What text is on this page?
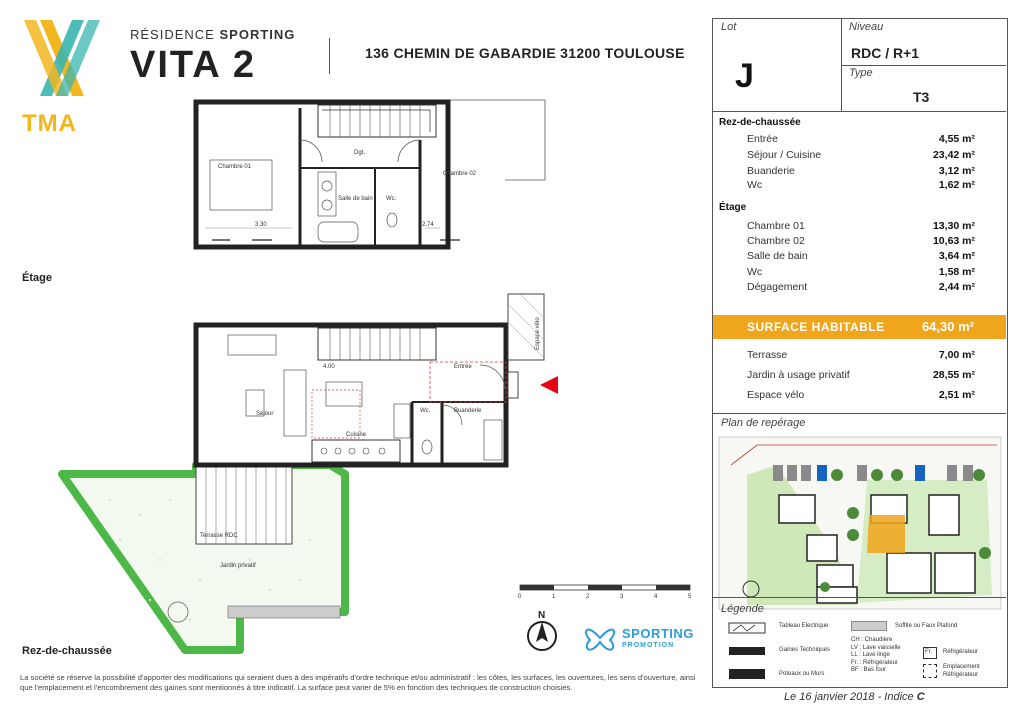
TMA
RÉSIDENCE SPORTING
VITA 2	136 CHEMIN DE GABARDIE 31200 TOULOUSE
Chambre 01
Chambre 02
Dgt.
Salle de bain Wc.
3.30	2.74
Séjour
Cuisine
Entrée
Buanderie
Wc.
Terrasse RDC
Jardin privatif
4.00
Espace vélo
0	1	2	3	4	5
N
Étage
Rez-de-chaussée
SPORTING
PROMOTION
La société se réserve la possibilité d'apporter des modifications qui seraient dues à des impératifs d'ordre technique et/ou administratif : les côtes, les surfaces, les ouvertures, les sens d'ouverture, ainsi que l'emplacement et l'encombrement des gaines sont mentionnés à titre indicatif. La surface peut varier de 5% en fonction des techniques de construction choisies.
Lot
J
Niveau
RDC / R+1
Type
T3
Rez-de-chaussée
Entrée	4,55 m²
Séjour / Cuisine	23,42 m²
Buanderie	3,12 m²
Wc	1,62 m²
Étage
Chambre 01	13,30 m²
Chambre 02	10,63 m²
Salle de bain	3,64 m²
Wc	1,58 m²
Dégagement	2,44 m²
SURFACE HABITABLE	64,30 m²
Terrasse	7,00 m²
Jardin à usage privatif	28,55 m²
Espace vélo	2,51 m²
Plan de repérage
Légende
Tableau Electrique
Gaines Techniques
Poteaux ou Murs
Soffite ou Faux Plafond
CH : Chaudière
LV : Lave vaisselle
LL : Lave linge
Fr. : Réfrigérateur
BF : Bas four
Fr. Réfrigérateur
Emplacement
Réfrigérateur
Le 16 janvier 2018 - Indice C
